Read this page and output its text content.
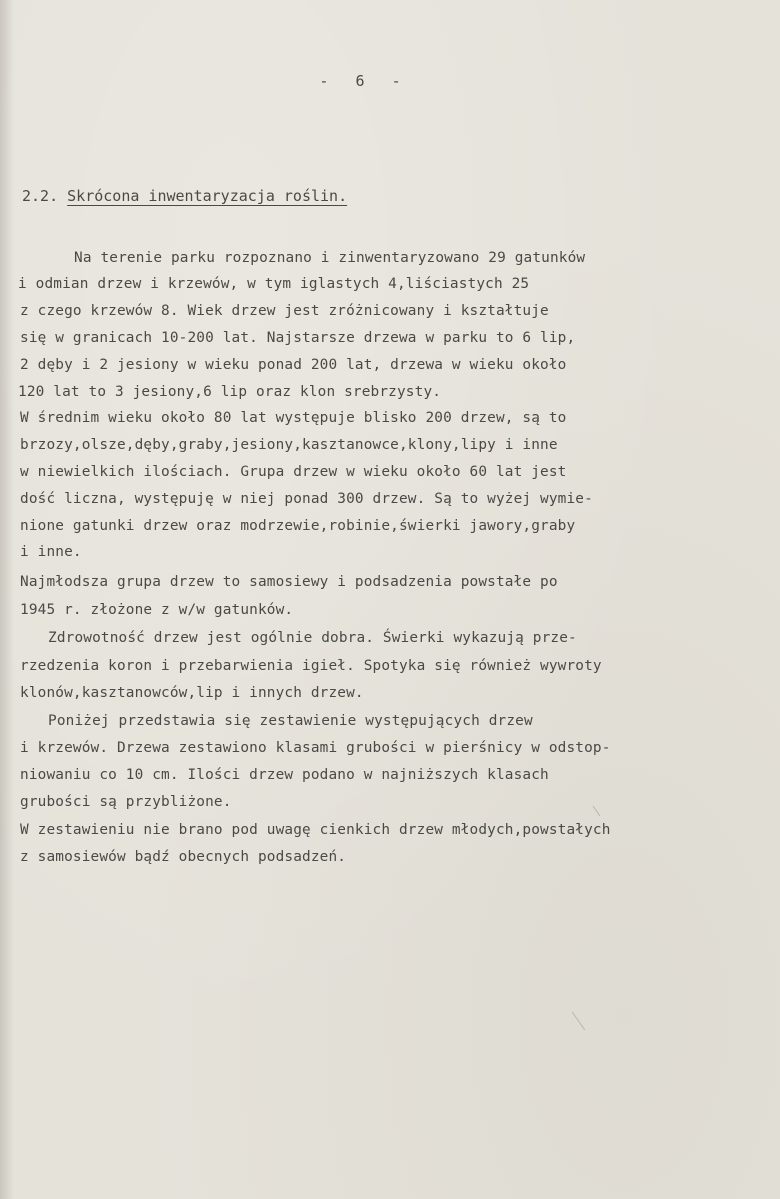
-   6   -
2.2. Skrócona inwentaryzacja roślin.
Na terenie parku rozpoznano i zinwentaryzowano 29 gatunków
i odmian drzew i krzewów, w tym iglastych 4,liściastych 25
z czego krzewów 8. Wiek drzew jest zróżnicowany i kształtuje
się w granicach 10-200 lat. Najstarsze drzewa w parku to 6 lip,
2 dęby i 2 jesiony w wieku ponad 200 lat, drzewa w wieku około
120 lat to 3 jesiony,6 lip oraz klon srebrzysty.
W średnim wieku około 80 lat występuje blisko 200 drzew, są to
brzozy,olsze,dęby,graby,jesiony,kasztanowce,klony,lipy i inne
w niewielkich ilościach. Grupa drzew w wieku około 60 lat jest
dość liczna, występuję w niej ponad 300 drzew. Są to wyżej wymie-
nione gatunki drzew oraz modrzewie,robinie,świerki jawory,graby
i inne.
Najmłodsza grupa drzew to samosiewy i podsadzenia powstałe po
1945 r. złożone z w/w gatunków.
Zdrowotność drzew jest ogólnie dobra. Świerki wykazują prze-
rzedzenia koron i przebarwienia igieł. Spotyka się również wywroty
klonów,kasztanowców,lip i innych drzew.
Poniżej przedstawia się zestawienie występujących drzew
i krzewów. Drzewa zestawiono klasami grubości w pierśnicy w odstop-
niowaniu co 10 cm. Ilości drzew podano w najniższych klasach
grubości są przybliżone.
W zestawieniu nie brano pod uwagę cienkich drzew młodych,powstałych
z samosiewów bądź obecnych podsadzeń.
